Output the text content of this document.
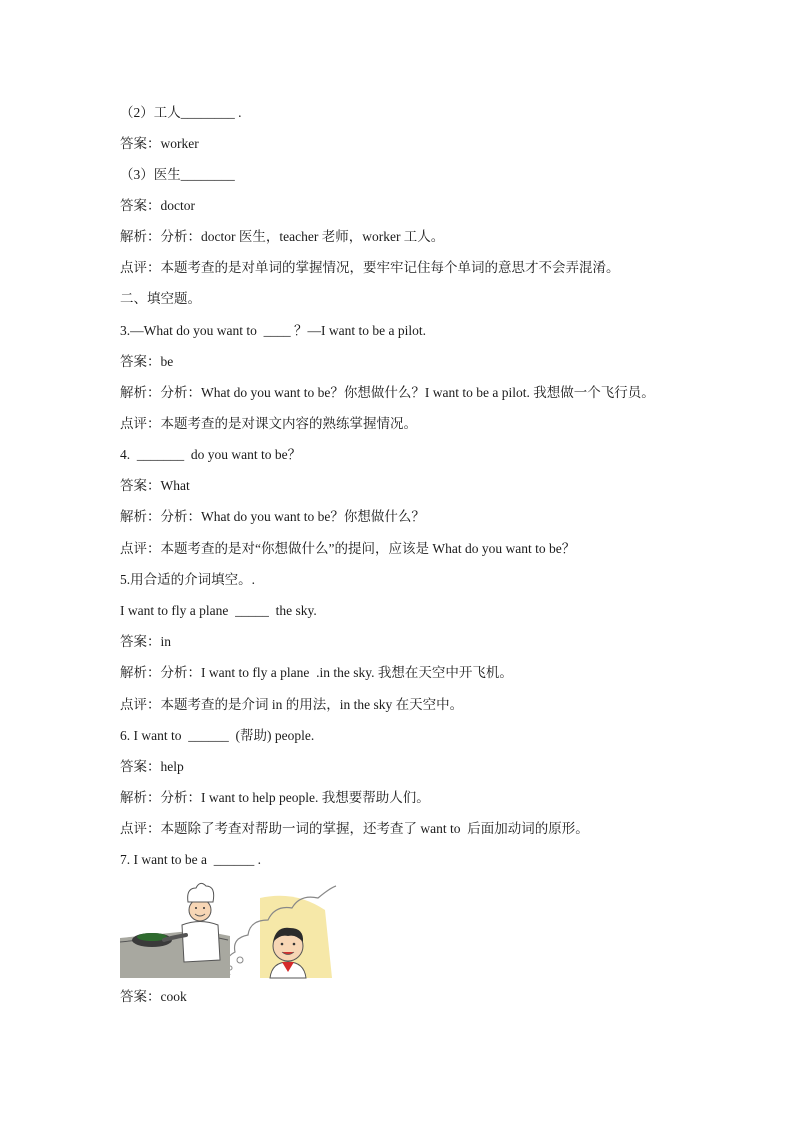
（2）工人________ .
答案：worker
（3）医生________
答案：doctor
解析：分析：doctor 医生，teacher 老师，worker 工人。
点评：本题考查的是对单词的掌握情况，要牢牢记住每个单词的意思才不会弄混淆。
二、填空题。
3.—What do you want to  ____ ？—I want to be a pilot.
答案：be
解析：分析：What do you want to be？你想做什么？I want to be a pilot. 我想做一个飞行员。
点评：本题考查的是对课文内容的熟练掌握情况。
4.  _______  do you want to be？
答案：What
解析：分析：What do you want to be？你想做什么？
点评：本题考查的是对“你想做什么”的提问，应该是 What do you want to be？
5.用合适的介词填空。.
I want to fly a plane  _____  the sky.
答案：in
解析：分析：I want to fly a plane  .in the sky. 我想在天空中开飞机。
点评：本题考查的是介词 in 的用法，in the sky 在天空中。
6. I want to  ______  (帮助) people.
答案：help
解析：分析：I want to help people. 我想要帮助人们。
点评：本题除了考查对帮助一词的掌握，还考查了 want to  后面加动词的原形。
7. I want to be a  ______ .
答案：cook
